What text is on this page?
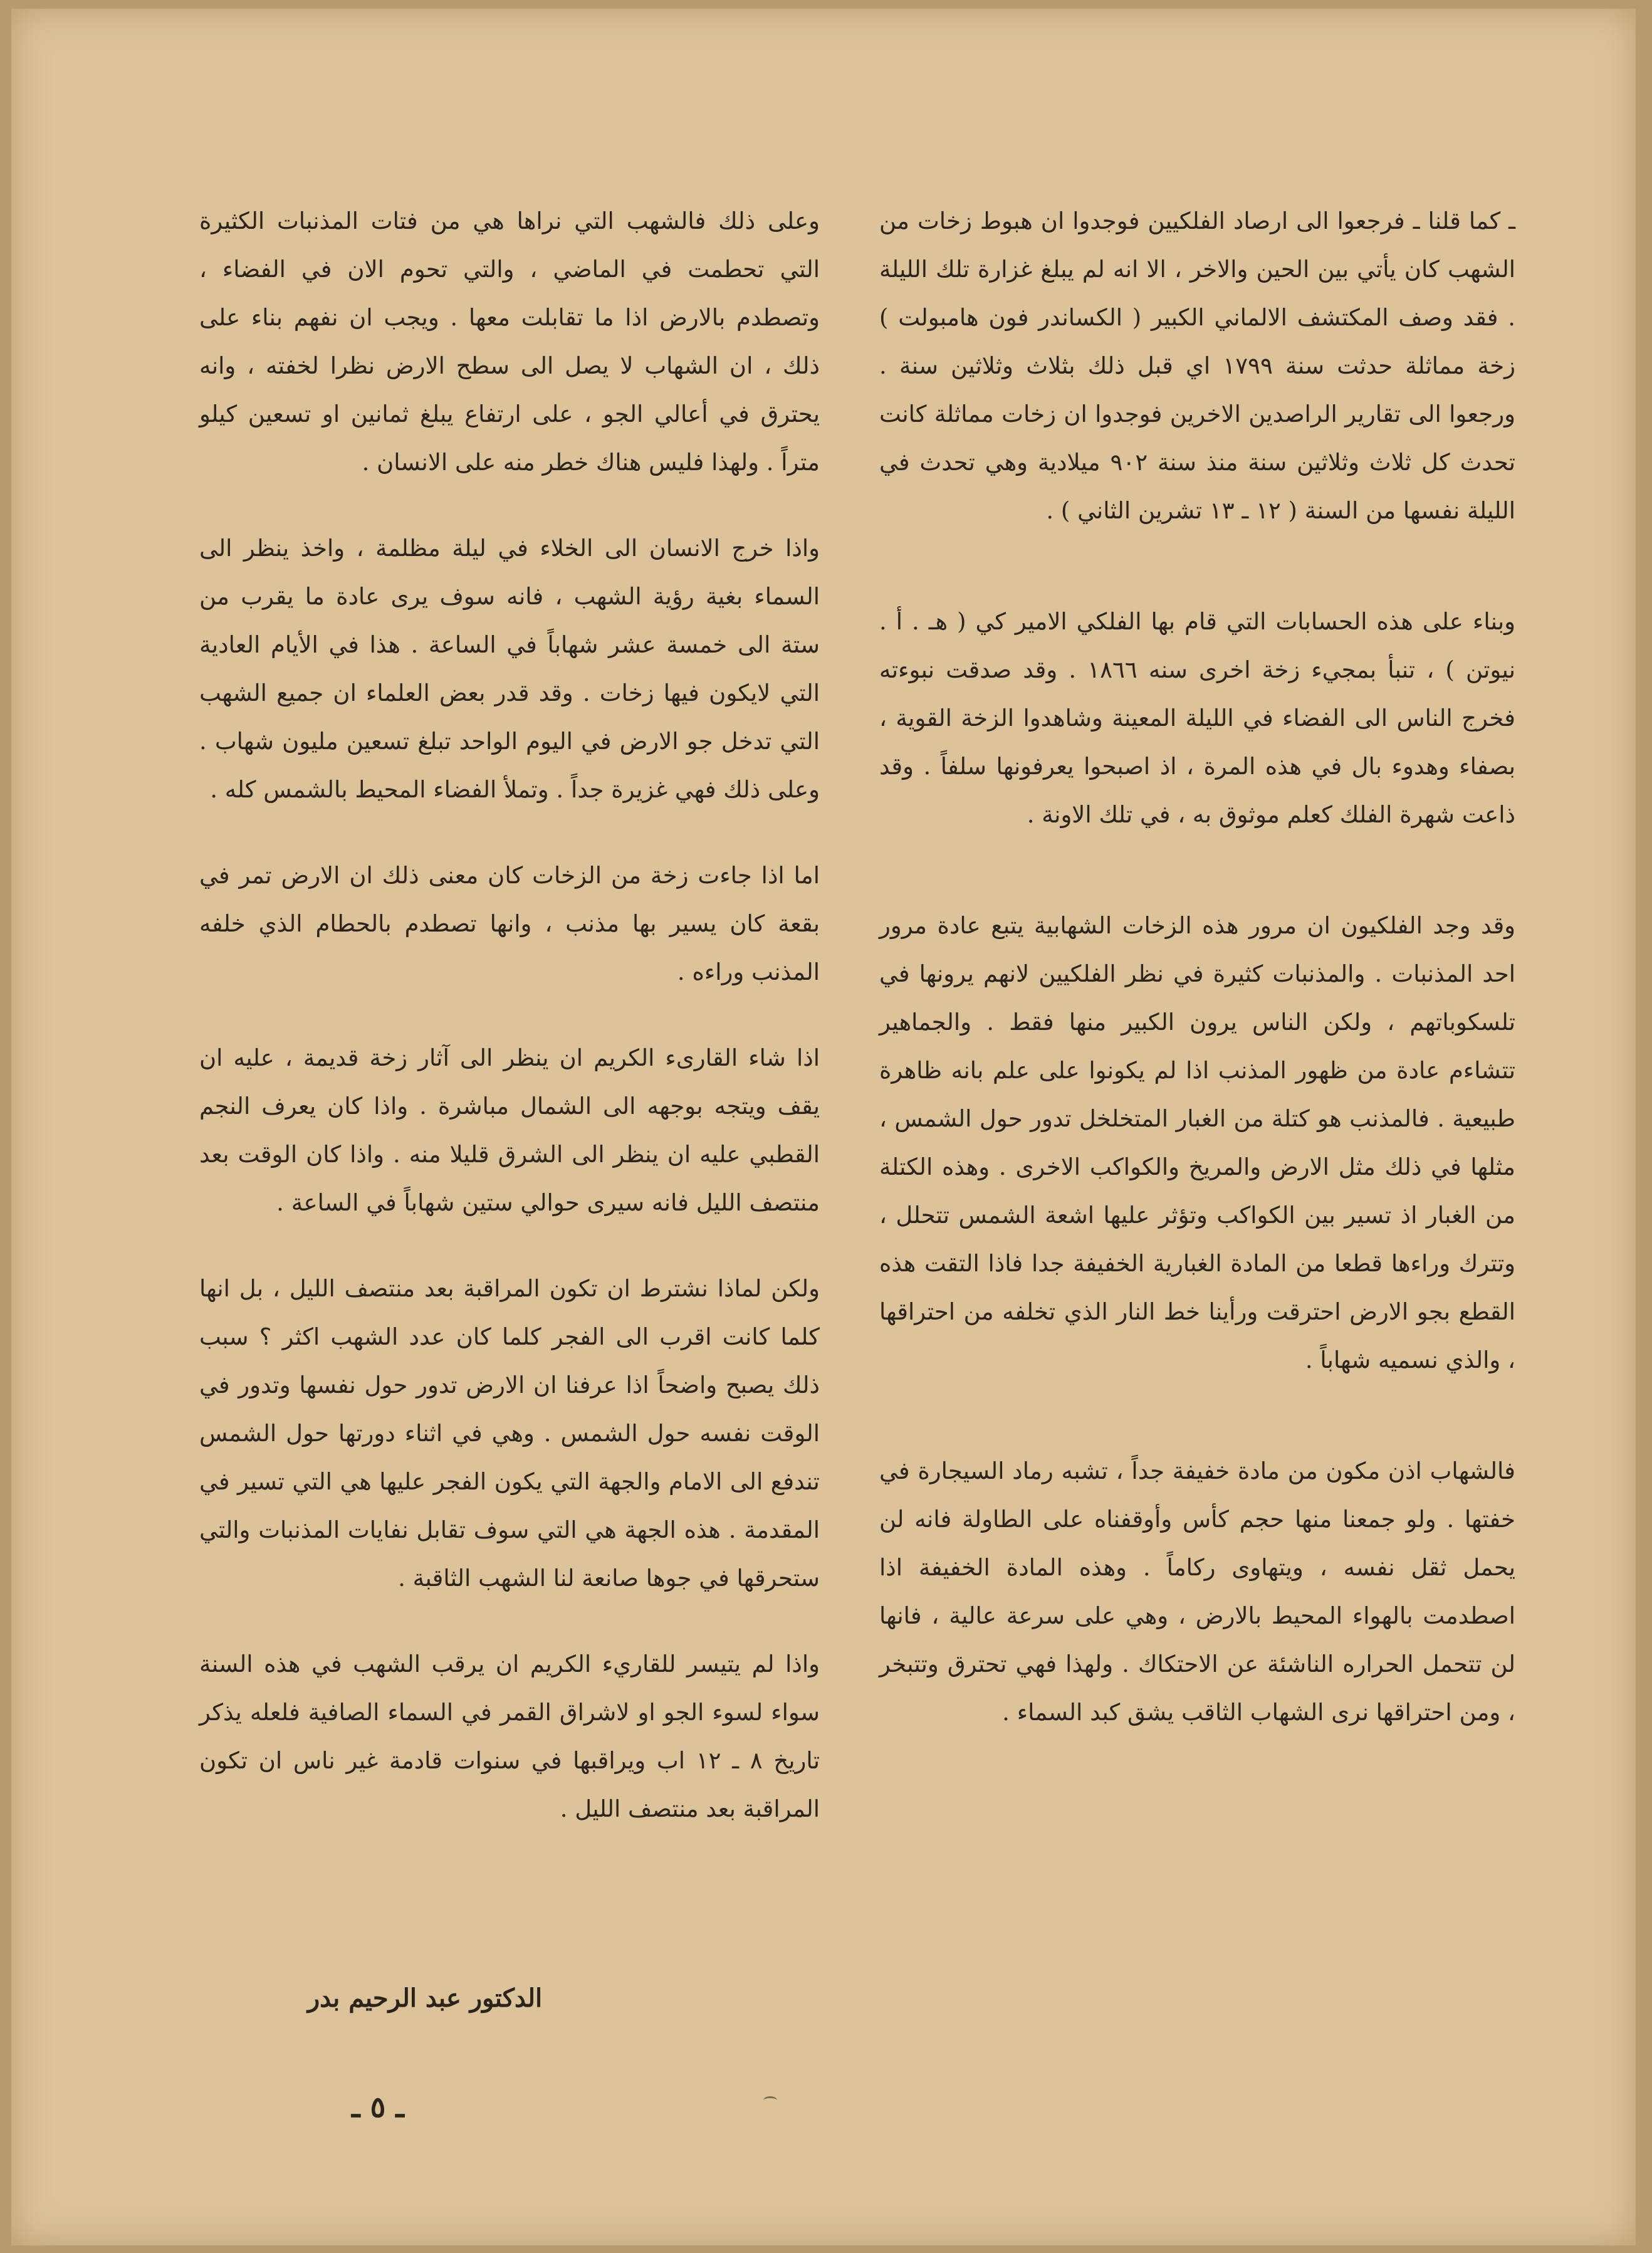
ـ كما قلنا ـ فرجعوا الى ارصاد الفلكيين فوجدوا ان هبوط زخات من الشهب كان يأتي بين الحين والاخر ، الا انه لم يبلغ غزارة تلك الليلة . فقد وصف المكتشف الالماني الكبير ( الكساندر فون هامبولت ) زخة مماثلة حدثت سنة ١٧٩٩ اي قبل ذلك بثلاث وثلاثين سنة . ورجعوا الى تقارير الراصدين الاخرين فوجدوا ان زخات مماثلة كانت تحدث كل ثلاث وثلاثين سنة منذ سنة ٩٠٢ ميلادية وهي تحدث في الليلة نفسها من السنة ( ١٢ ـ ١٣ تشرين الثاني ) .

وبناء على هذه الحسابات التي قام بها الفلكي الامير كي ( هـ . أ . نيوتن ) ، تنبأ بمجيء زخة اخرى سنه ١٨٦٦ . وقد صدقت نبوءته فخرج الناس الى الفضاء في الليلة المعينة وشاهدوا الزخة القوية ، بصفاء وهدوء بال في هذه المرة ، اذ اصبحوا يعرفونها سلفاً . وقد ذاعت شهرة الفلك كعلم موثوق به ، في تلك الاونة .

وقد وجد الفلكيون ان مرور هذه الزخات الشهابية يتبع عادة مرور احد المذنبات . والمذنبات كثيرة في نظر الفلكيين لانهم يرونها في تلسكوباتهم ، ولكن الناس يرون الكبير منها فقط . والجماهير تتشاءم عادة من ظهور المذنب اذا لم يكونوا على علم بانه ظاهرة طبيعية . فالمذنب هو كتلة من الغبار المتخلخل تدور حول الشمس ، مثلها في ذلك مثل الارض والمريخ والكواكب الاخرى . وهذه الكتلة من الغبار اذ تسير بين الكواكب وتؤثر عليها اشعة الشمس تتحلل ، وتترك وراءها قطعا من المادة الغبارية الخفيفة جدا فاذا التقت هذه القطع بجو الارض احترقت ورأينا خط النار الذي تخلفه من احتراقها ، والذي نسميه شهاباً .

فالشهاب اذن مكون من مادة خفيفة جداً ، تشبه رماد السيجارة في خفتها . ولو جمعنا منها حجم كأس وأوقفناه على الطاولة فانه لن يحمل ثقل نفسه ، ويتهاوى ركاماً . وهذه المادة الخفيفة اذا اصطدمت بالهواء المحيط بالارض ، وهي على سرعة عالية ، فانها لن تتحمل الحراره الناشئة عن الاحتكاك . ولهذا فهي تحترق وتتبخر ، ومن احتراقها نرى الشهاب الثاقب يشق كبد السماء .

وعلى ذلك فالشهب التي نراها هي من فتات المذنبات الكثيرة التي تحطمت في الماضي ، والتي تحوم الان في الفضاء ، وتصطدم بالارض اذا ما تقابلت معها . ويجب ان نفهم بناء على ذلك ، ان الشهاب لا يصل الى سطح الارض نظرا لخفته ، وانه يحترق في أعالي الجو ، على ارتفاع يبلغ ثمانين او تسعين كيلو متراً . ولهذا فليس هناك خطر منه على الانسان .

واذا خرج الانسان الى الخلاء في ليلة مظلمة ، واخذ ينظر الى السماء بغية رؤية الشهب ، فانه سوف يرى عادة ما يقرب من ستة الى خمسة عشر شهاباً في الساعة . هذا في الأيام العادية التي لايكون فيها زخات . وقد قدر بعض العلماء ان جميع الشهب التي تدخل جو الارض في اليوم الواحد تبلغ تسعين مليون شهاب . وعلى ذلك فهي غزيرة جداً . وتملأ الفضاء المحيط بالشمس كله .

اما اذا جاءت زخة من الزخات كان معنى ذلك ان الارض تمر في بقعة كان يسير بها مذنب ، وانها تصطدم بالحطام الذي خلفه المذنب وراءه .

اذا شاء القارىء الكريم ان ينظر الى آثار زخة قديمة ، عليه ان يقف ويتجه بوجهه الى الشمال مباشرة . واذا كان يعرف النجم القطبي عليه ان ينظر الى الشرق قليلا منه . واذا كان الوقت بعد منتصف الليل فانه سيرى حوالي ستين شهاباً في الساعة .

ولكن لماذا نشترط ان تكون المراقبة بعد منتصف الليل ، بل انها كلما كانت اقرب الى الفجر كلما كان عدد الشهب اكثر ؟ سبب ذلك يصبح واضحاً اذا عرفنا ان الارض تدور حول نفسها وتدور في الوقت نفسه حول الشمس . وهي في اثناء دورتها حول الشمس تندفع الى الامام والجهة التي يكون الفجر عليها هي التي تسير في المقدمة . هذه الجهة هي التي سوف تقابل نفايات المذنبات والتي ستحرقها في جوها صانعة لنا الشهب الثاقبة .

واذا لم يتيسر للقاريء الكريم ان يرقب الشهب في هذه السنة سواء لسوء الجو او لاشراق القمر في السماء الصافية فلعله يذكر تاريخ ٨ ـ ١٢ اب ويراقبها في سنوات قادمة غير ناس ان تكون المراقبة بعد منتصف الليل .

الدكتور عبد الرحيم بدر
ـ ٥ ـ
